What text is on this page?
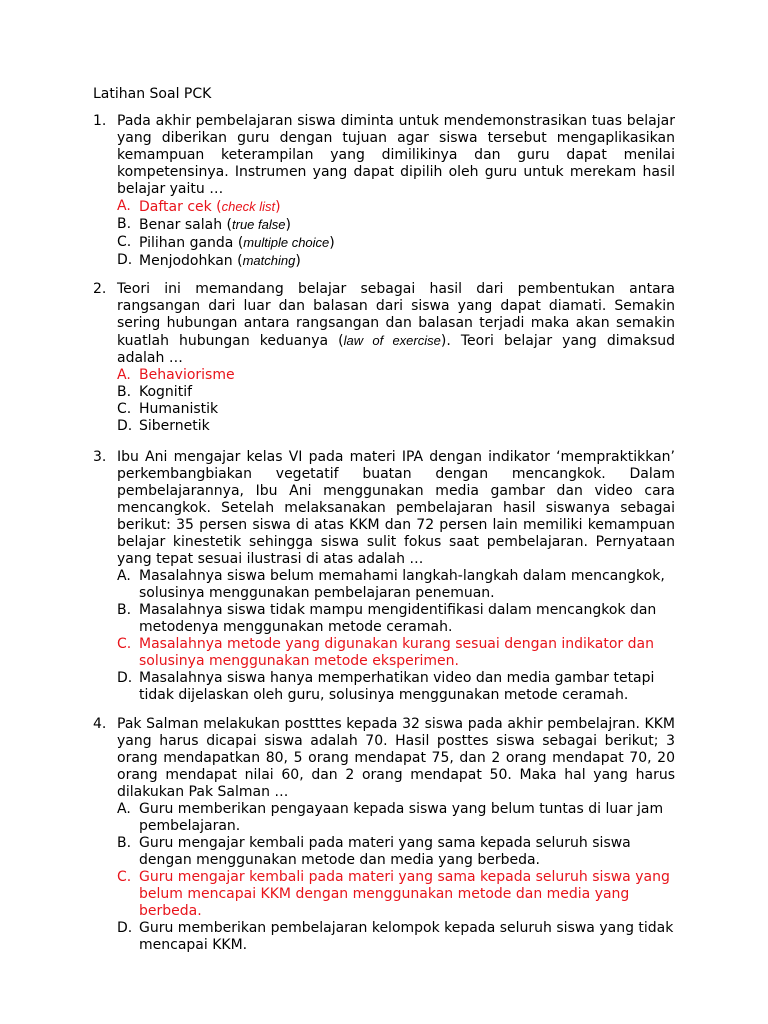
Latihan Soal PCK
1. Pada akhir pembelajaran siswa diminta untuk mendemonstrasikan tuas belajar yang diberikan guru dengan tujuan agar siswa tersebut mengaplikasikan kemampuan keterampilan yang dimilikinya dan guru dapat menilai kompetensinya. Instrumen yang dapat dipilih oleh guru untuk merekam hasil belajar yaitu …
A. Daftar cek (check list)
B. Benar salah (true false)
C. Pilihan ganda (multiple choice)
D. Menjodohkan (matching)
2. Teori ini memandang belajar sebagai hasil dari pembentukan antara rangsangan dari luar dan balasan dari siswa yang dapat diamati. Semakin sering hubungan antara rangsangan dan balasan terjadi maka akan semakin kuatlah hubungan keduanya (law of exercise). Teori belajar yang dimaksud adalah …
A. Behaviorisme
B. Kognitif
C. Humanistik
D. Sibernetik
3. Ibu Ani mengajar kelas VI pada materi IPA dengan indikator ‘mempraktikkan’ perkembangbiakan vegetatif buatan dengan mencangkok. Dalam pembelajarannya, Ibu Ani menggunakan media gambar dan video cara mencangkok. Setelah melaksanakan pembelajaran hasil siswanya sebagai berikut: 35 persen siswa di atas KKM dan 72 persen lain memiliki kemampuan belajar kinestetik sehingga siswa sulit fokus saat pembelajaran. Pernyataan yang tepat sesuai ilustrasi di atas adalah …
A. Masalahnya siswa belum memahami langkah-langkah dalam mencangkok, solusinya menggunakan pembelajaran penemuan.
B. Masalahnya siswa tidak mampu mengidentifikasi dalam mencangkok dan metodenya menggunakan metode ceramah.
C. Masalahnya metode yang digunakan kurang sesuai dengan indikator dan solusinya menggunakan metode eksperimen.
D. Masalahnya siswa hanya memperhatikan video dan media gambar tetapi tidak dijelaskan oleh guru, solusinya menggunakan metode ceramah.
4. Pak Salman melakukan postttes kepada 32 siswa pada akhir pembelajran. KKM yang harus dicapai siswa adalah 70. Hasil posttes siswa sebagai berikut; 3 orang mendapatkan 80, 5 orang mendapat 75, dan 2 orang mendapat 70, 20 orang mendapat nilai 60, dan 2 orang mendapat 50. Maka hal yang harus dilakukan Pak Salman …
A. Guru memberikan pengayaan kepada siswa yang belum tuntas di luar jam pembelajaran.
B. Guru mengajar kembali pada materi yang sama kepada seluruh siswa dengan menggunakan metode dan media yang berbeda.
C. Guru mengajar kembali pada materi yang sama kepada seluruh siswa yang belum mencapai KKM dengan menggunakan metode dan media yang berbeda.
D. Guru memberikan pembelajaran kelompok kepada seluruh siswa yang tidak mencapai KKM.
